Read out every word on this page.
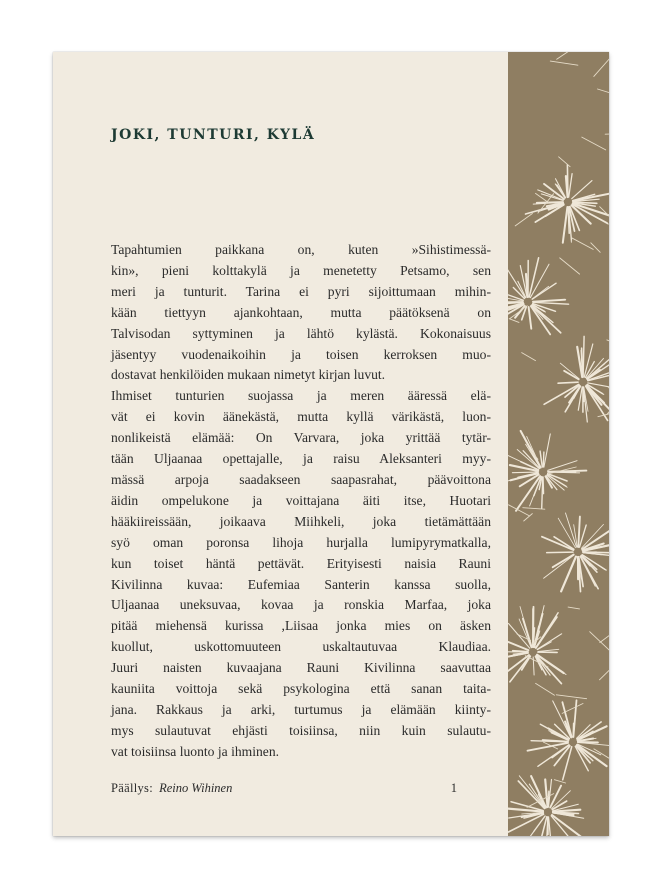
JOKI, TUNTURI, KYLÄ
Tapahtumien paikkana on, kuten »Sihistimessä-
kin», pieni kolttakylä ja menetetty Petsamo, sen
meri ja tunturit. Tarina ei pyri sijoittumaan mihin-
kään tiettyyn ajankohtaan, mutta päätöksenä on
Talvisodan syttyminen ja lähtö kylästä. Kokonaisuus
jäsentyy vuodenaikoihin ja toisen kerroksen muo-
dostavat henkilöiden mukaan nimetyt kirjan luvut.
Ihmiset tunturien suojassa ja meren ääressä elä-
vät ei kovin äänekästä, mutta kyllä värikästä, luon-
nonlikeistä elämää: On Varvara, joka yrittää tytär-
tään Uljaanaa opettajalle, ja raisu Aleksanteri myy-
mässä arpoja saadakseen saapasrahat, päävoittona
äidin ompelukone ja voittajana äiti itse, Huotari
hääkiireissään, joikaava Miihkeli, joka tietämättään
syö oman poronsa lihoja hurjalla lumipyrymatkalla,
kun toiset häntä pettävät. Erityisesti naisia Rauni
Kivilinna kuvaa: Eufemiaa Santerin kanssa suolla,
Uljaanaa uneksuvaa, kovaa ja ronskia Marfaa, joka
pitää miehensä kurissa ,Liisaa jonka mies on äsken
kuollut, uskottomuuteen uskaltautuvaa Klaudiaa.
Juuri naisten kuvaajana Rauni Kivilinna saavuttaa
kauniita voittoja sekä psykologina että sanan taita-
jana. Rakkaus ja arki, turtumus ja elämään kiinty-
mys sulautuvat ehjästi toisiinsa, niin kuin sulautu-
vat toisiinsa luonto ja ihminen.
Päällys: Reino Wihinen	1
